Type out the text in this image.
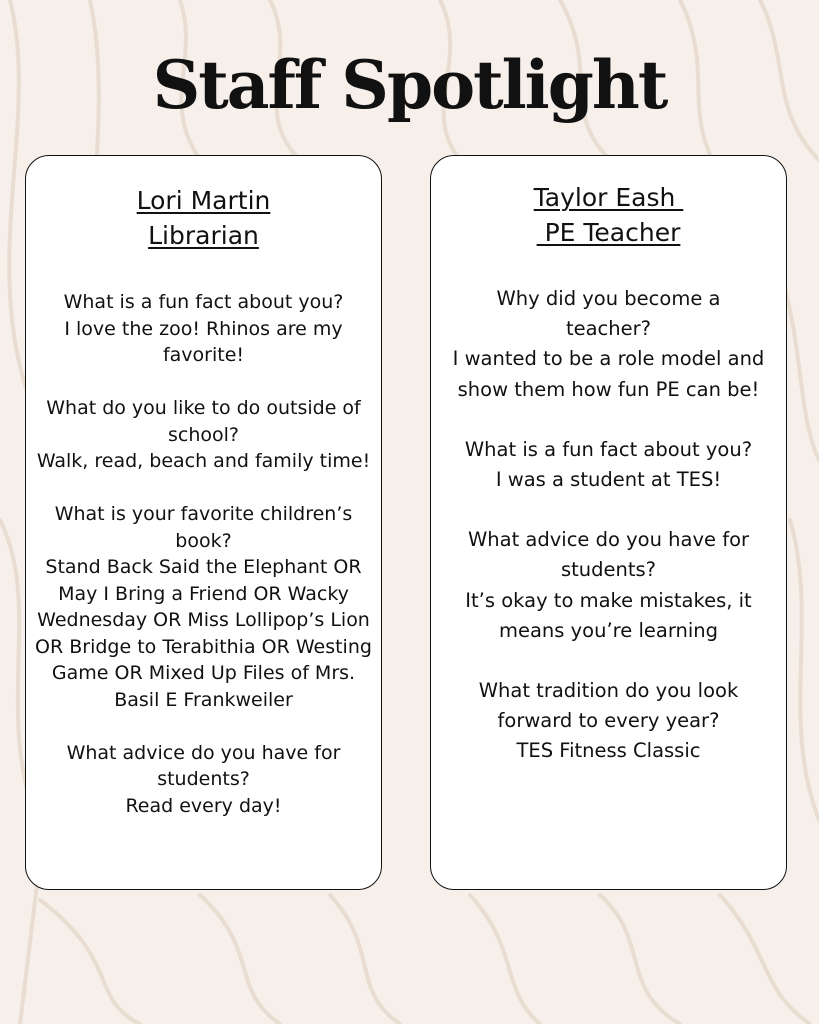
Staff Spotlight
Lori Martin
Librarian
What is a fun fact about you?
I love the zoo! Rhinos are my favorite!
What do you like to do outside of school?
Walk, read, beach and family time!
What is your favorite children’s book?
Stand Back Said the Elephant OR May I Bring a Friend OR Wacky Wednesday OR Miss Lollipop’s Lion OR Bridge to Terabithia OR Westing Game OR Mixed Up Files of Mrs. Basil E Frankweiler
What advice do you have for students?
Read every day!
Taylor Eash
PE Teacher
Why did you become a teacher?
I wanted to be a role model and show them how fun PE can be!
What is a fun fact about you?
I was a student at TES!
What advice do you have for students?
It’s okay to make mistakes, it means you’re learning
What tradition do you look forward to every year?
TES Fitness Classic
